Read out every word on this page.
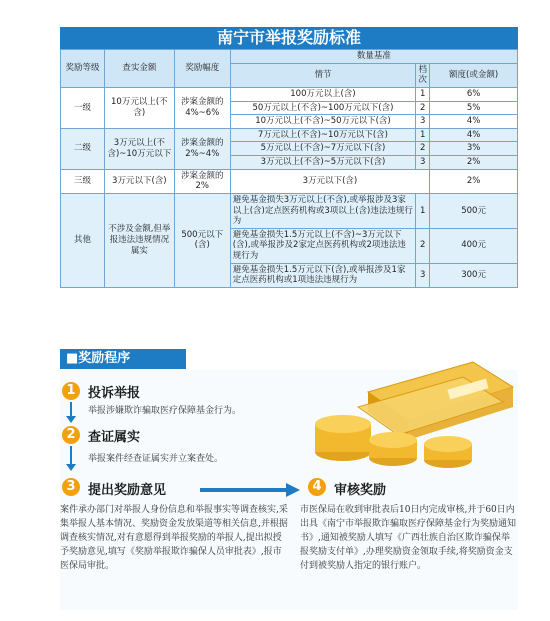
南宁市举报奖励标准
奖励等级	查实金额	奖励幅度	数量基准		
			情节	档次	额度(或金额)
一级	10万元以上(不含)	涉案金额的4%~6%	100万元以上(含)	1	6%
			50万元以上(不含)~100万元以下(含)	2	5%
			10万元以上(不含)~50万元以下(含)	3	4%
二级	3万元以上(不含)~10万元以下	涉案金额的2%~4%	7万元以上(不含)~10万元以下(含)	1	4%
			5万元以上(不含)~7万元以下(含)	2	3%
			3万元以上(不含)~5万元以下(含)	3	2%
三级	3万元以下(含)	涉案金额的2%	3万元以下(含)		2%
其他	不涉及金额,但举报违法违规情况属实	500元以下(含)	避免基金损失3万元以上(不含),或举报涉及3家以上(含)定点医药机构或3项以上(含)违法违规行为	1	500元
			避免基金损失1.5万元以上(不含)~3万元以下(含),或举报涉及2家定点医药机构或2项违法违规行为	2	400元
			避免基金损失1.5万元以下(含),或举报涉及1家定点医药机构或1项违法违规行为	3	300元
■奖励程序
1 投诉举报
举报涉嫌欺诈骗取医疗保障基金行为。
2 查证属实
举报案件经查证属实并立案查处。
3 提出奖励意见
案件承办部门对举报人身份信息和举报事实等调查核实,采集举报人基本情况、奖励资金发放渠道等相关信息,并根据调查核实情况,对有意愿得到举报奖励的举报人,提出拟授予奖励意见,填写《奖励举报欺诈骗保人员审批表》,报市医保局审批。
4 审核奖励
市医保局在收到审批表后10日内完成审核,并于60日内出具《南宁市举报欺诈骗取医疗保障基金行为奖励通知书》,通知被奖励人填写《广西壮族自治区欺诈骗保举报奖励支付单》,办理奖励资金领取手续,将奖励资金支付到被奖励人指定的银行账户。
